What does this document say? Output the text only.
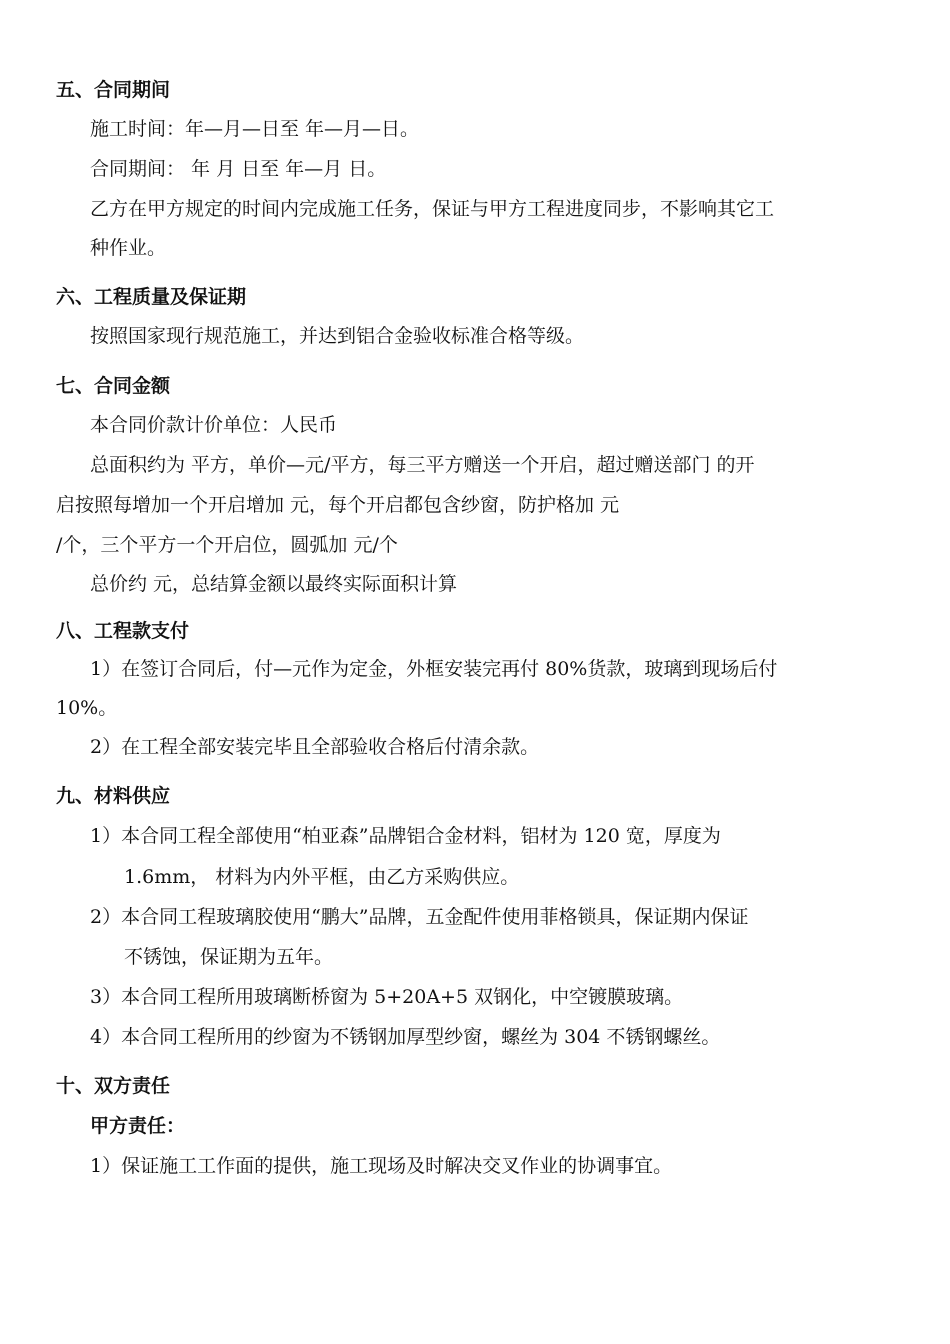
五、合同期间
施工时间：年—月—日至 年—月—日。
合同期间： 年 月 日至 年—月 日。
乙方在甲方规定的时间内完成施工任务，保证与甲方工程进度同步，不影响其它工
种作业。
六、工程质量及保证期
按照国家现行规范施工，并达到铝合金验收标准合格等级。
七、合同金额
本合同价款计价单位：人民币
总面积约为 平方，单价—元/平方，每三平方赠送一个开启，超过赠送部门 的开
启按照每增加一个开启增加 元，每个开启都包含纱窗，防护格加 元
/个，三个平方一个开启位，圆弧加 元/个
总价约 元，总结算金额以最终实际面积计算
八、工程款支付
1）在签订合同后，付—元作为定金，外框安装完再付 80%货款，玻璃到现场后付
10%。
2）在工程全部安装完毕且全部验收合格后付清余款。
九、材料供应
1）本合同工程全部使用“柏亚森”品牌铝合金材料，铝材为 120 宽，厚度为
1.6mm， 材料为内外平框，由乙方采购供应。
2）本合同工程玻璃胶使用“鹏大”品牌，五金配件使用菲格锁具，保证期内保证
不锈蚀，保证期为五年。
3）本合同工程所用玻璃断桥窗为 5+20A+5 双钢化，中空镀膜玻璃。
4）本合同工程所用的纱窗为不锈钢加厚型纱窗，螺丝为 304 不锈钢螺丝。
十、双方责任
甲方责任：
1）保证施工工作面的提供，施工现场及时解决交叉作业的协调事宜。
